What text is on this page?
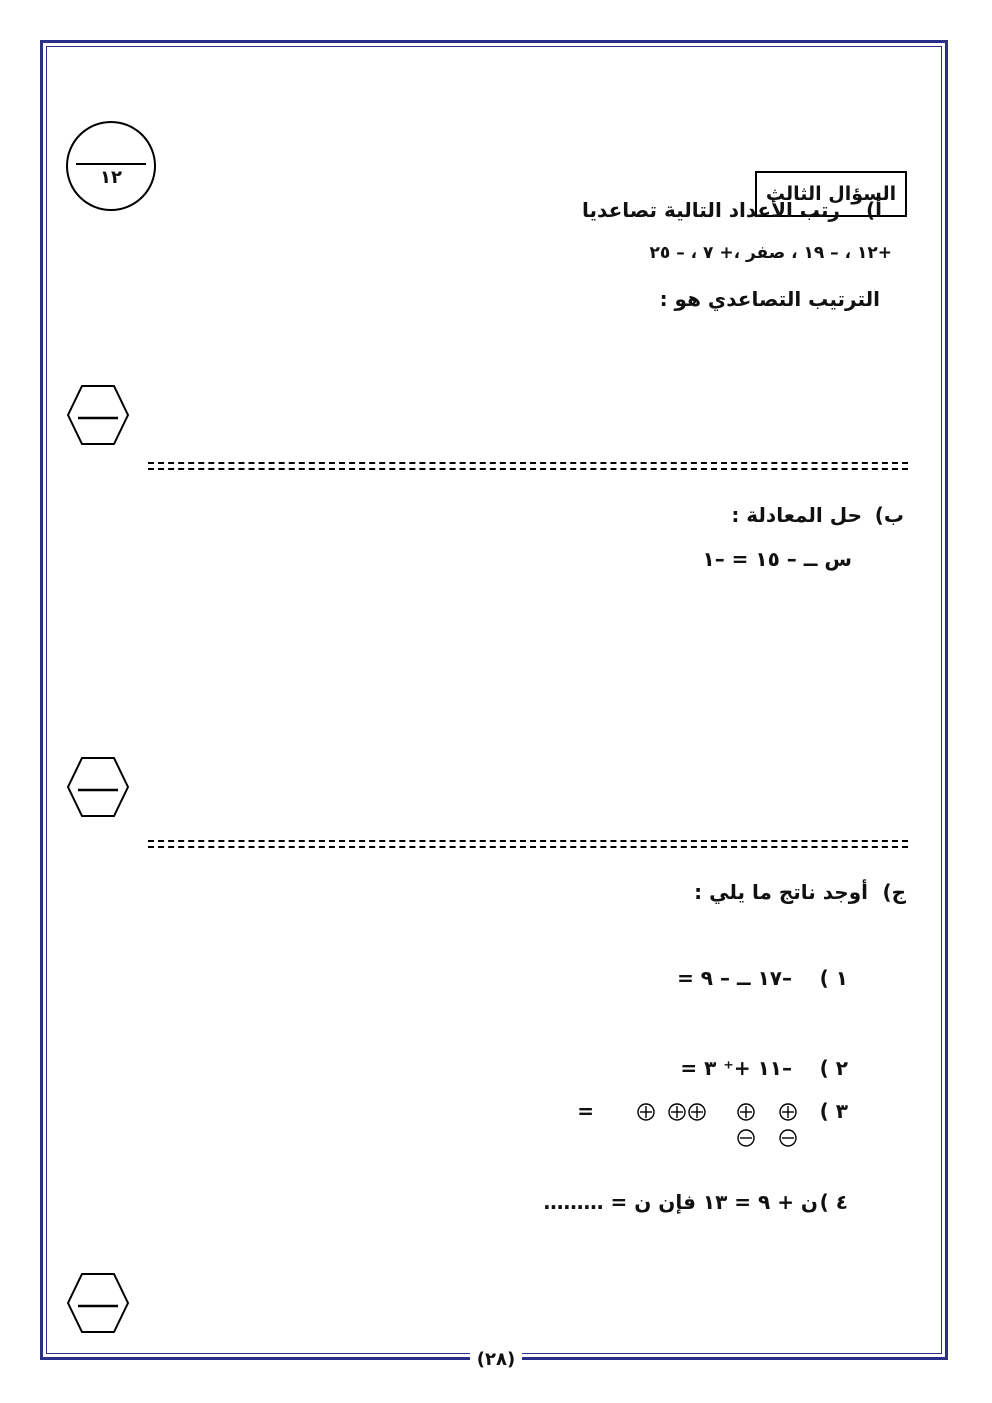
١٢
السؤال الثالث
أ)
رتب الأعداد التالية تصاعديا
+١٢ ، – ١٩ ، صفر ،+ ٧ ، – ٢٥
الترتيب التصاعدي هو :
ب)
حل المعادلة :
س ــ – ١٥ = –١
ج)
أوجد ناتج ما يلي :
١ )
–١٧ ــ – ٩ =
٢ )
–١١ +⁺ ٣ =
٣ )
=
٤ )
ن + ٩ = ١٣ فإن ن = ………
(٢٨)
